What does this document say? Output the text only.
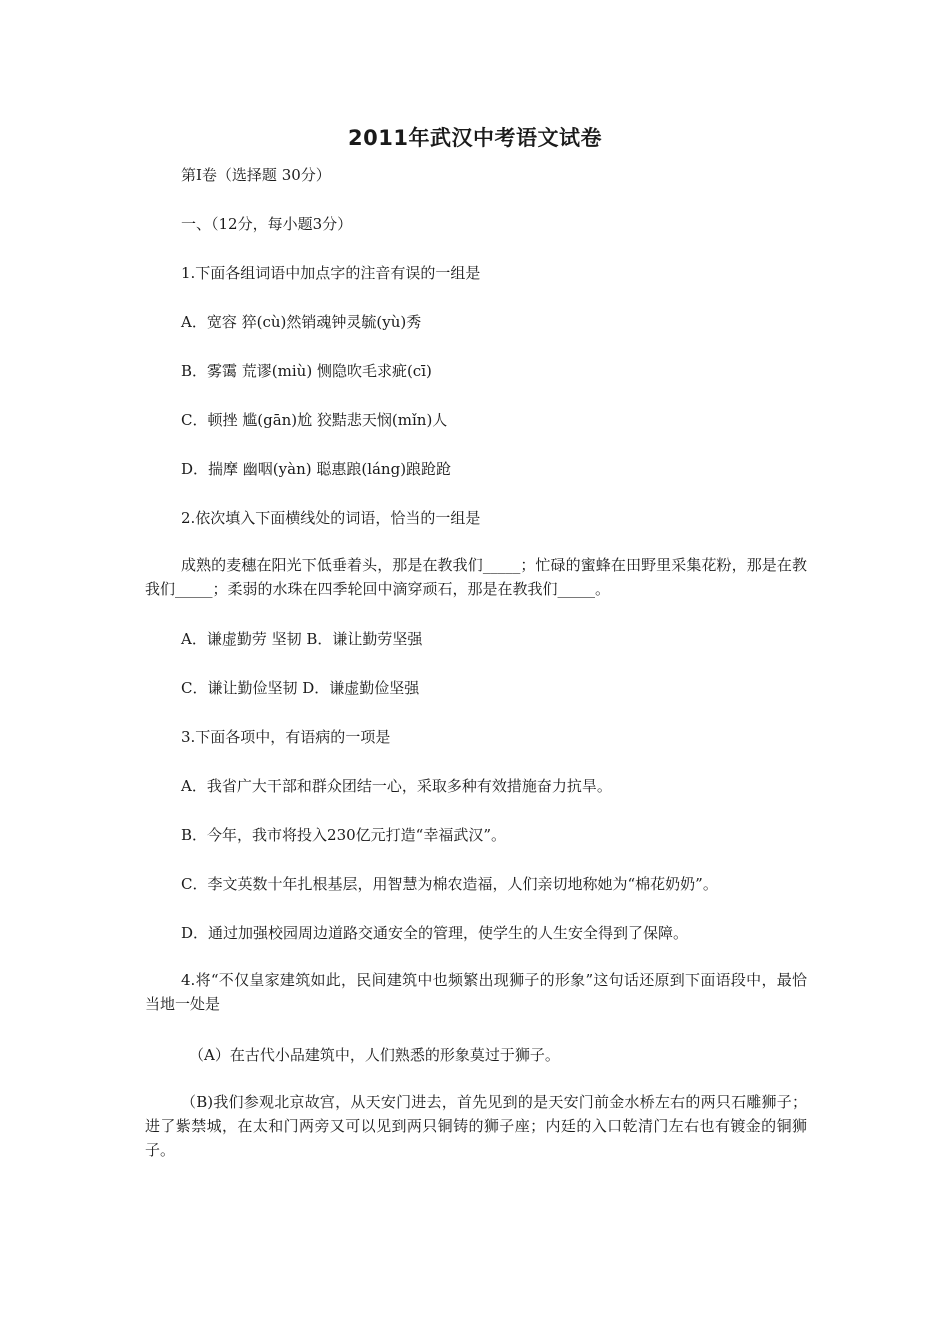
2011年武汉中考语文试卷
第Ⅰ卷（选择题 30分）
一、（12分，每小题3分）
1.下面各组词语中加点字的注音有误的一组是
A．宽容 猝(cù)然销魂钟灵毓(yù)秀
B．雾霭 荒谬(miù) 恻隐吹毛求疵(cī)
C．顿挫 尴(gān)尬 狡黠悲天悯(mǐn)人
D．揣摩 幽咽(yàn) 聪惠踉(láng)踉跄跄
2.依次填入下面横线处的词语，恰当的一组是
成熟的麦穗在阳光下低垂着头，那是在教我们_____；忙碌的蜜蜂在田野里采集花粉，那是在教我们_____；柔弱的水珠在四季轮回中滴穿顽石，那是在教我们_____。
A．谦虚勤劳 坚韧 B．谦让勤劳坚强
C．谦让勤俭坚韧 D．谦虚勤俭坚强
3.下面各项中，有语病的一项是
A．我省广大干部和群众团结一心，采取多种有效措施奋力抗旱。
B．今年，我市将投入230亿元打造“幸福武汉”。
C．李文英数十年扎根基层，用智慧为棉农造福，人们亲切地称她为“棉花奶奶”。
D．通过加强校园周边道路交通安全的管理，使学生的人生安全得到了保障。
4.将“不仅皇家建筑如此，民间建筑中也频繁出现狮子的形象”这句话还原到下面语段中，最恰当地一处是
（A）在古代小品建筑中，人们熟悉的形象莫过于狮子。
（B)我们参观北京故宫，从天安门进去，首先见到的是天安门前金水桥左右的两只石雕狮子；进了紫禁城，在太和门两旁又可以见到两只铜铸的狮子座；内廷的入口乾清门左右也有镀金的铜狮子。
